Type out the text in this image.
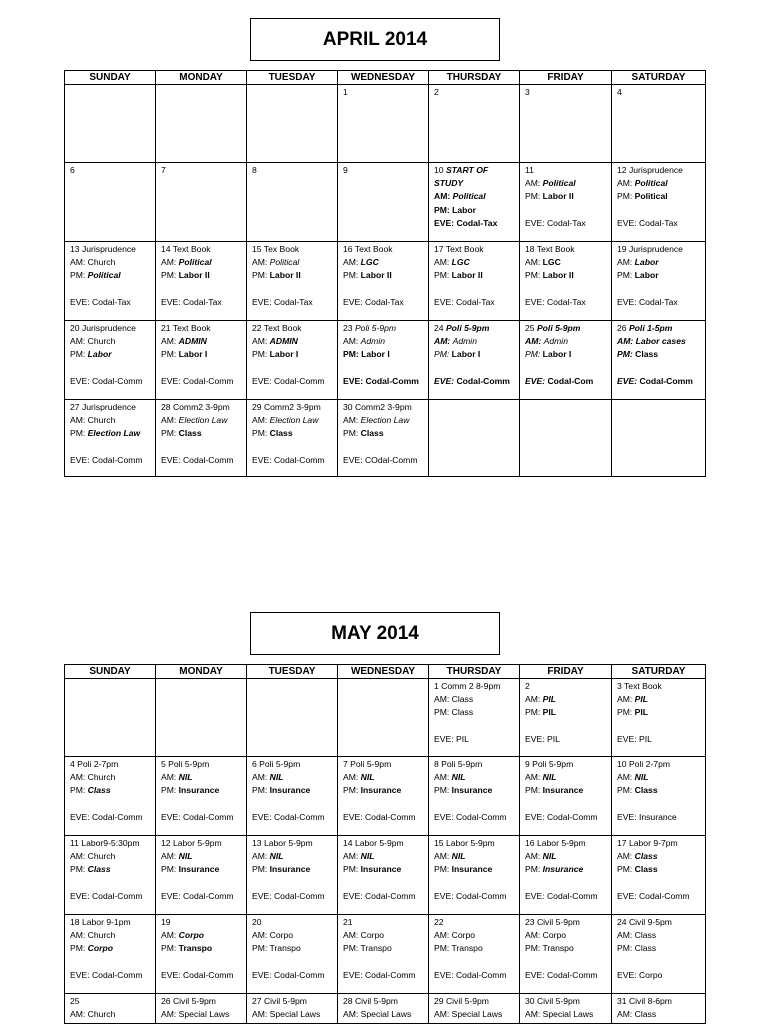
APRIL 2014
SUNDAY	MONDAY	TUESDAY	WEDNESDAY	THURSDAY	FRIDAY	SATURDAY	

			1	2	3	4

6	7	8	9	10 START OF
STUDY
AM: Political
PM: Labor
EVE: Codal-Tax	11
AM: Political
PM: Labor II
EVE: Codal-Tax	12 Jurisprudence
AM: Political
PM: Political
EVE: Codal-Tax	

13 Jurisprudence
AM: Church
PM: Political
EVE: Codal-Tax	14 Text Book
AM: Political
PM: Labor II
EVE: Codal-Tax	15 Tex Book
AM: Political
PM: Labor II
EVE: Codal-Tax	16 Text Book
AM: LGC
PM: Labor II
EVE: Codal-Tax	17 Text Book
AM: LGC
PM: Labor II
EVE: Codal-Tax	18 Text Book
AM: LGC
PM: Labor II
EVE: Codal-Tax	19 Jurisprudence
AM: Labor
PM: Labor
EVE: Codal-Tax	

20 Jurisprudence
AM: Church
PM: Labor
EVE: Codal-Comm	21 Text Book
AM: ADMIN
PM: Labor I
EVE: Codal-Comm	22 Text Book
AM: ADMIN
PM: Labor I
EVE: Codal-Comm	23 Poli 5-9pm
AM: Admin
PM: Labor I
EVE: Codal-Comm	24 Poli 5-9pm
AM: Admin
PM: Labor I
EVE: Codal-Comm	25 Poli 5-9pm
AM: Admin
PM: Labor I
EVE: Codal-Com	26 Poli 1-5pm
AM: Labor cases
PM: Class
EVE: Codal-Comm	

27 Jurisprudence
AM: Church
PM: Election Law
EVE: Codal-Comm	28 Comm2 3-9pm
AM: Election Law
PM: Class
EVE: Codal-Comm	29 Comm2 3-9pm
AM: Election Law
PM: Class
EVE: Codal-Comm	30 Comm2 3-9pm
AM: Election Law
PM: Class
EVE: COdal-Comm				

MAY 2014
SUNDAY	MONDAY	TUESDAY	WEDNESDAY	THURSDAY	FRIDAY	SATURDAY

				1 Comm 2 8-9pm
AM: Class
PM: Class
EVE: PIL	2
AM: PIL
PM: PIL
EVE: PIL	3 Text Book
AM: PIL
PM: PIL
EVE: PIL

4 Poli 2-7pm
AM: Church
PM: Class
EVE: Codal-Comm	5 Poli 5-9pm
AM: NIL
PM: Insurance
EVE: Codal-Comm	6 Poli 5-9pm
AM: NIL
PM: Insurance
EVE: Codal-Comm	7 Poli 5-9pm
AM: NIL
PM: Insurance
EVE: Codal-Comm	8 Poli 5-9pm
AM: NIL
PM: Insurance
EVE: Codal-Comm	9 Poli 5-9pm
AM: NIL
PM: Insurance
EVE: Codal-Comm	10 Poli 2-7pm
AM: NIL
PM: Class
EVE: Insurance

11 Labor9-5:30pm
AM: Church
PM: Class
EVE: Codal-Comm	12 Labor 5-9pm
AM: NIL
PM: Insurance
EVE: Codal-Comm	13 Labor 5-9pm
AM: NIL
PM: Insurance
EVE: Codal-Comm	14 Labor 5-9pm
AM: NIL
PM: Insurance
EVE: Codal-Comm	15 Labor 5-9pm
AM: NIL
PM: Insurance
EVE: Codal-Comm	16 Labor 5-9pm
AM: NIL
PM: Insurance
EVE: Codal-Comm	17 Labor 9-7pm
AM: Class
PM: Class
EVE: Codal-Comm

18 Labor 9-1pm
AM: Church
PM: Corpo
EVE: Codal-Comm	19
AM: Corpo
PM: Transpo
EVE: Codal-Comm	20
AM: Corpo
PM: Transpo
EVE: Codal-Comm	21
AM: Corpo
PM: Transpo
EVE: Codal-Comm	22
AM: Corpo
PM: Transpo
EVE: Codal-Comm	23 Civil 5-9pm
AM: Corpo
PM: Transpo
EVE: Codal-Comm	24 Civil 9-5pm
AM: Class
PM: Class
EVE: Corpo

25
AM: Church	26 Civil 5-9pm
AM: Special Laws	27 Civil 5-9pm
AM: Special Laws	28 Civil 5-9pm
AM: Special Laws	29 Civil 5-9pm
AM: Special Laws	30 Civil 5-9pm
AM: Special Laws	31 Civil 8-6pm
AM: Class
